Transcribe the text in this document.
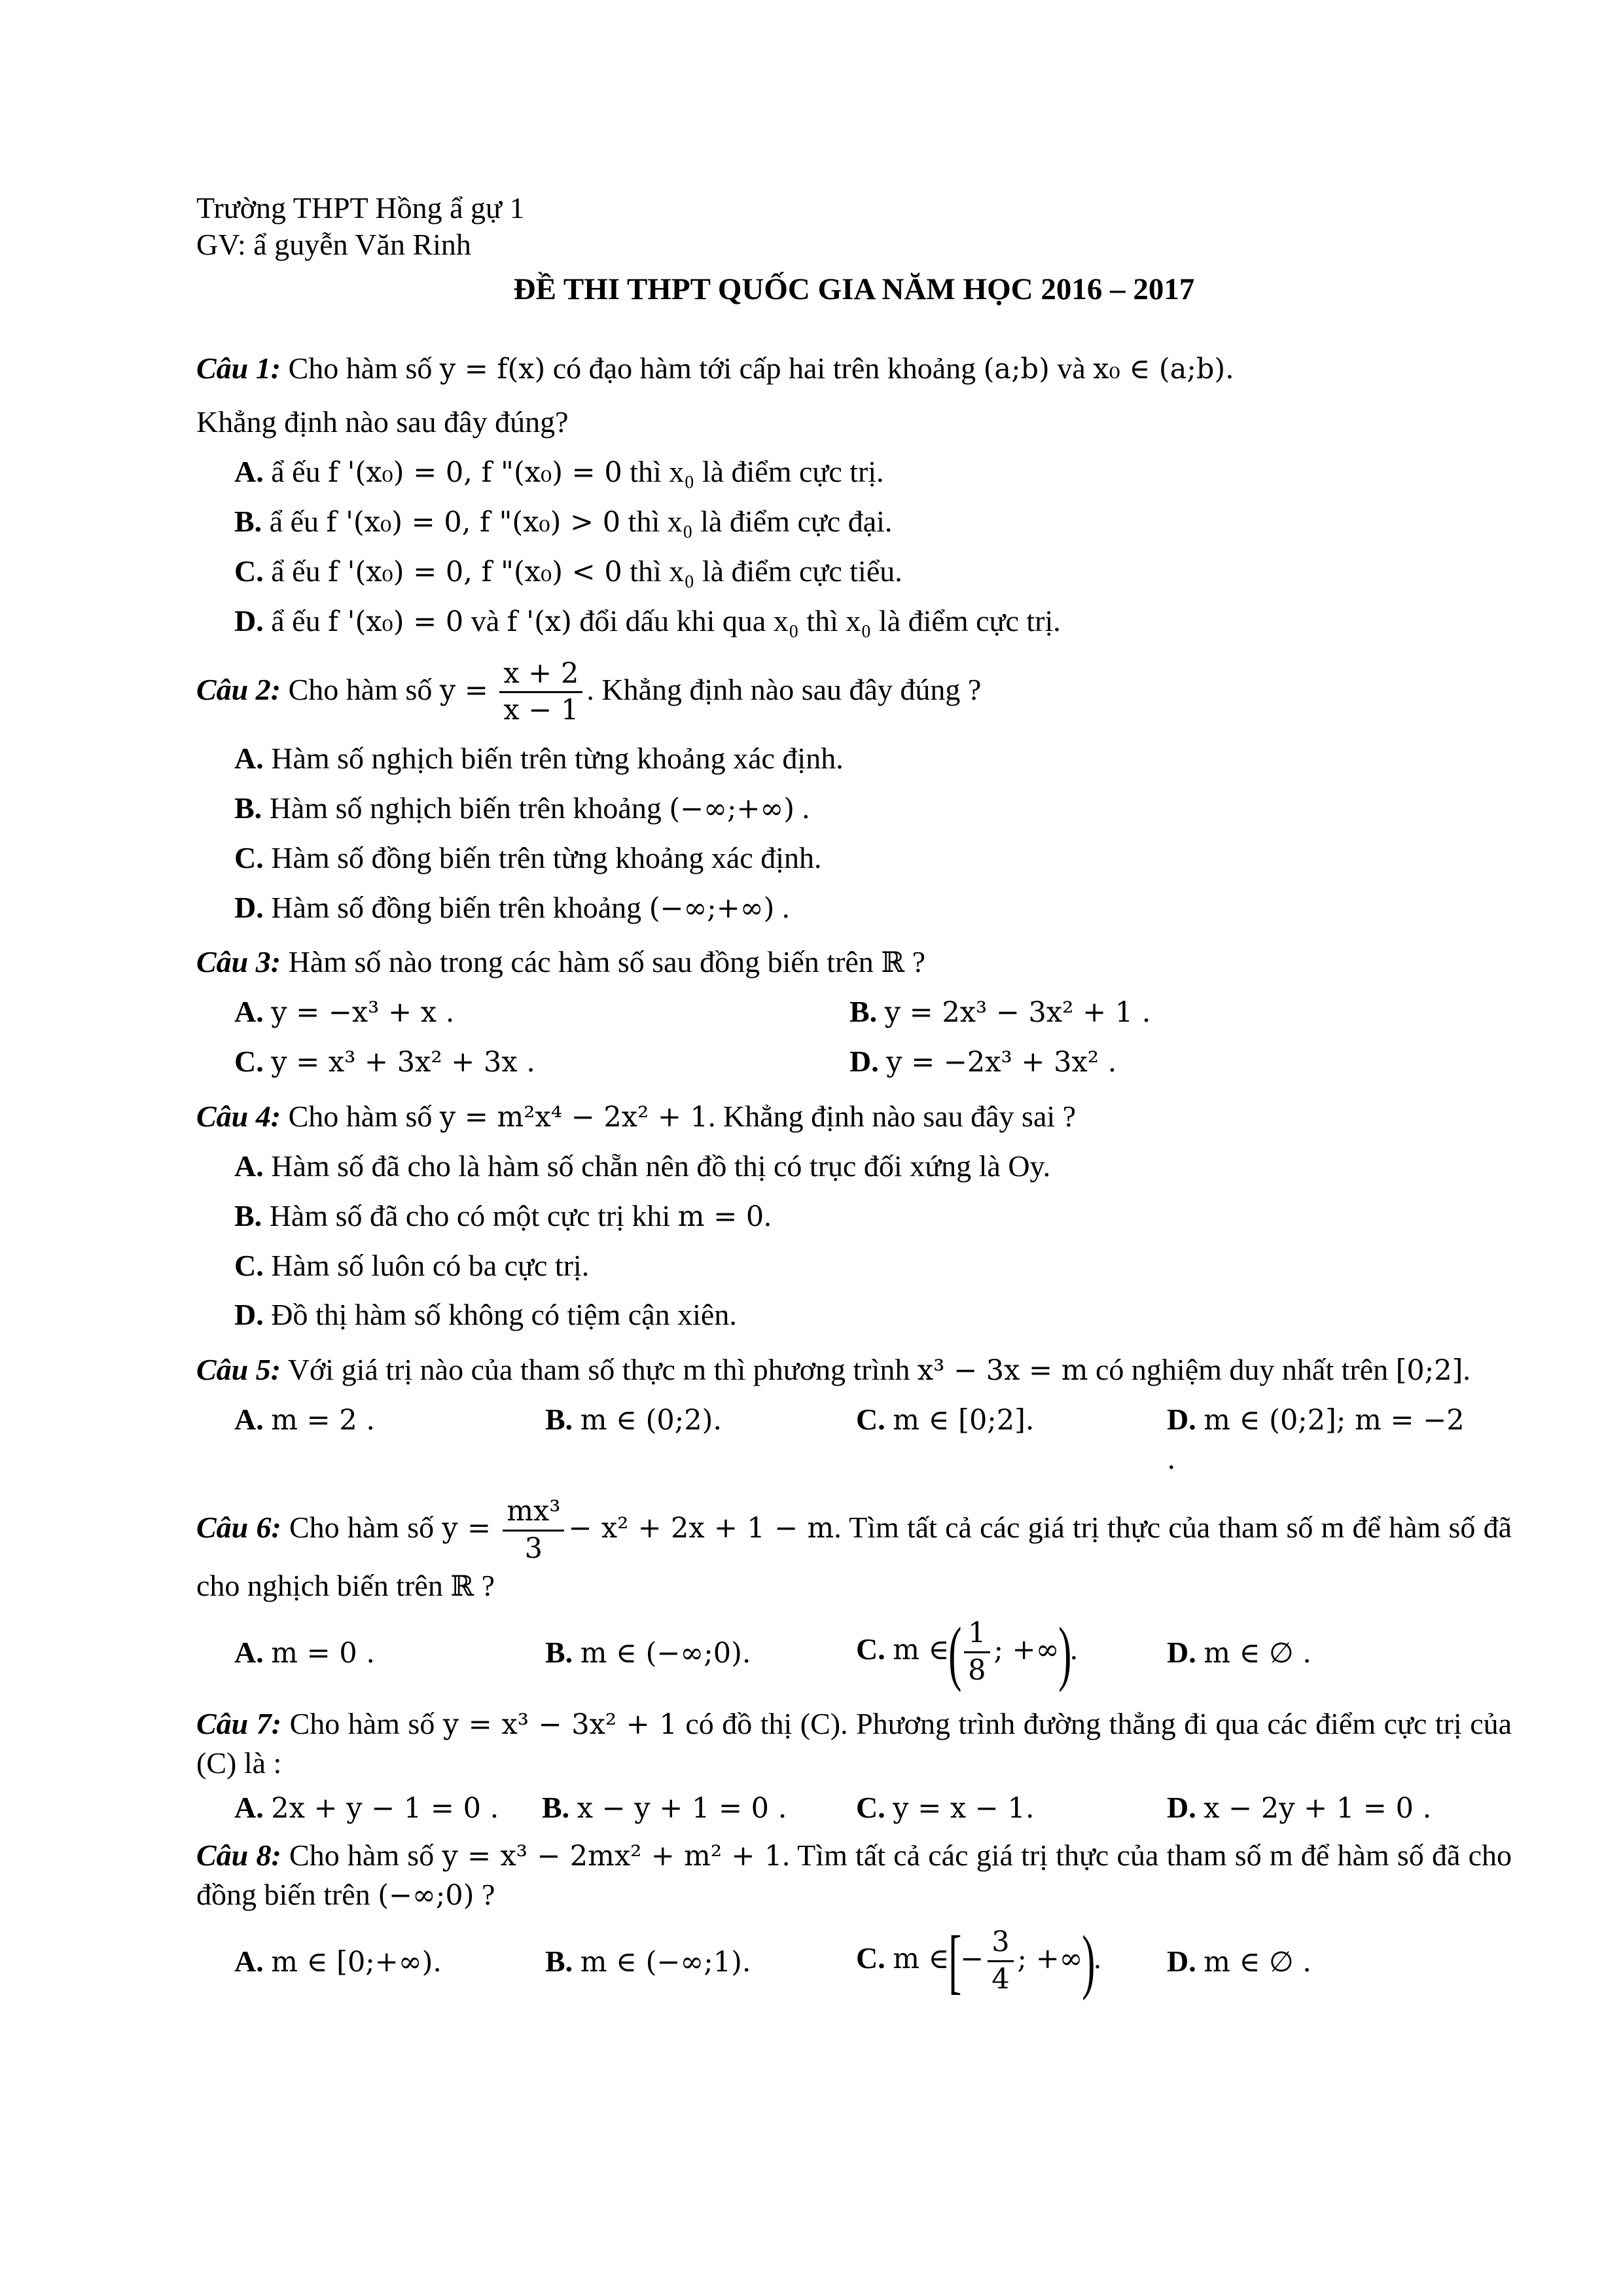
Trường THPT Hồng ẩ gự 1
GV: ẩ guyễn Văn Rinh
ĐỀ THI THPT QUỐC GIA NĂM HỌC 2016 – 2017
Câu 1: Cho hàm số y = f(x) có đạo hàm tới cấp hai trên khoảng (a;b) và x₀ ∈ (a;b).
Khẳng định nào sau đây đúng?
A. ẩ ếu f '(x₀) = 0, f "(x₀) = 0 thì x₀ là điểm cực trị.
B. ẩ ếu f '(x₀) = 0, f "(x₀) > 0 thì x₀ là điểm cực đại.
C. ẩ ếu f '(x₀) = 0, f "(x₀) < 0 thì x₀ là điểm cực tiểu.
D. ẩ ếu f '(x₀) = 0 và f '(x) đổi dấu khi qua x₀ thì x₀ là điểm cực trị.
Câu 2: Cho hàm số $y = \frac{x + 2}{x - 1}$ . Khẳng định nào sau đây đúng ?
A. Hàm số nghịch biến trên từng khoảng xác định.
B. Hàm số nghịch biến trên khoảng (−∞;+∞) .
C. Hàm số đồng biến trên từng khoảng xác định.
D. Hàm số đồng biến trên khoảng (−∞;+∞) .
Câu 3: Hàm số nào trong các hàm số sau đồng biến trên ℝ ?
A. y = −x³ + x .	B. y = 2x³ − 3x² + 1 .
C. y = x³ + 3x² + 3x .	D. y = −2x³ + 3x² .
Câu 4: Cho hàm số y = m²x⁴ − 2x² + 1. Khẳng định nào sau đây sai ?
A. Hàm số đã cho là hàm số chẵn nên đồ thị có trục đối xứng là Oy.
B. Hàm số đã cho có một cực trị khi m = 0.
C. Hàm số luôn có ba cực trị.
D. Đồ thị hàm số không có tiệm cận xiên.
Câu 5: Với giá trị nào của tham số thực m thì phương trình x³ − 3x = m có nghiệm duy nhất trên [0;2].
A. m = 2 .	B. m ∈ (0;2).	C. m ∈ [0;2].	D. m ∈ (0;2]; m = −2 .
Câu 6: Cho hàm số $y = \frac{\text{mx³}}{3} - x^2 + 2x + 1 - m$. Tìm tất cả các giá trị thực của tham số m để hàm số đã cho nghịch biến trên ℝ ?
A. m = 0 .	B. m ∈ (−∞;0).	C. m ∈( $\frac{1}{8}$ ; +∞).	D. m ∈ ∅ .
Câu 7: Cho hàm số y = x³ − 3x² + 1 có đồ thị (C). Phương trình đường thẳng đi qua các điểm cực trị của (C) là :
A. 2x + y − 1 = 0 .	B. x − y + 1 = 0 .	C. y = x − 1.	D. x − 2y + 1 = 0 .
Câu 8: Cho hàm số y = x³ − 2mx² + m² + 1. Tìm tất cả các giá trị thực của tham số m để hàm số đã cho đồng biến trên (−∞;0) ?
A. m ∈ [0;+∞).	B. m ∈ (−∞;1).	C. m ∈[− $\frac{3}{4}$ ; +∞).	D. m ∈ ∅ .
